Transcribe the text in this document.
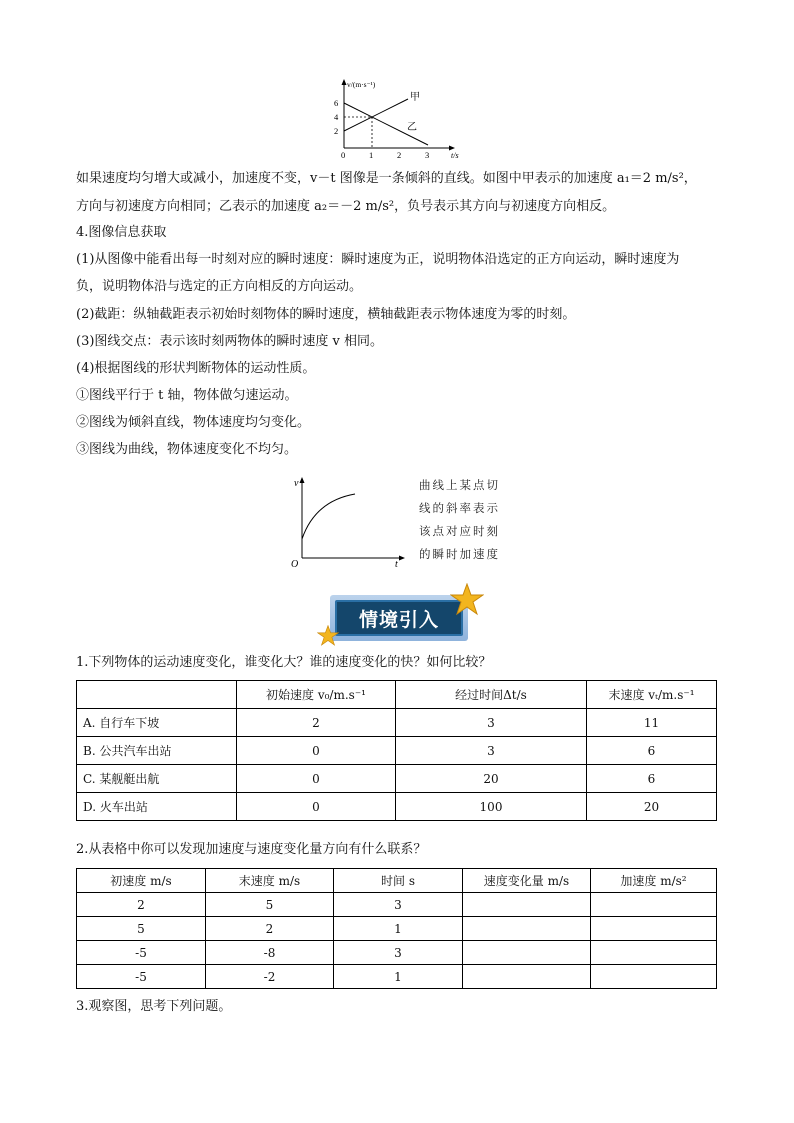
v/(m·s⁻¹)
t/s
6
4
2
0	1	2	3
甲
乙
如果速度均匀增大或减小，加速度不变，v－t 图像是一条倾斜的直线。如图中甲表示的加速度 a₁＝2 m/s²，
方向与初速度方向相同；乙表示的加速度 a₂＝－2 m/s²，负号表示其方向与初速度方向相反。
4.图像信息获取
(1)从图像中能看出每一时刻对应的瞬时速度：瞬时速度为正，说明物体沿选定的正方向运动，瞬时速度为
负，说明物体沿与选定的正方向相反的方向运动。
(2)截距：纵轴截距表示初始时刻物体的瞬时速度，横轴截距表示物体速度为零的时刻。
(3)图线交点：表示该时刻两物体的瞬时速度 v 相同。
(4)根据图线的形状判断物体的运动性质。
①图线平行于 t 轴，物体做匀速运动。
②图线为倾斜直线，物体速度均匀变化。
③图线为曲线，物体速度变化不均匀。
v
t
O
曲线上某点切
线的斜率表示
该点对应时刻
的瞬时加速度
情境引入
1.下列物体的运动速度变化，谁变化大？谁的速度变化的快？如何比较？
	初始速度 v₀/m.s⁻¹	经过时间Δt/s	末速度 vₜ/m.s⁻¹
A. 自行车下坡	2	3	11
B. 公共汽车出站	0	3	6
C. 某舰艇出航	0	20	6
D. 火车出站	0	100	20
2.从表格中你可以发现加速度与速度变化量方向有什么联系？
初速度 m/s	末速度 m/s	时间 s	速度变化量 m/s	加速度 m/s²
2	5	3		
5	2	1		
-5	-8	3		
-5	-2	1		
3.观察图，思考下列问题。
